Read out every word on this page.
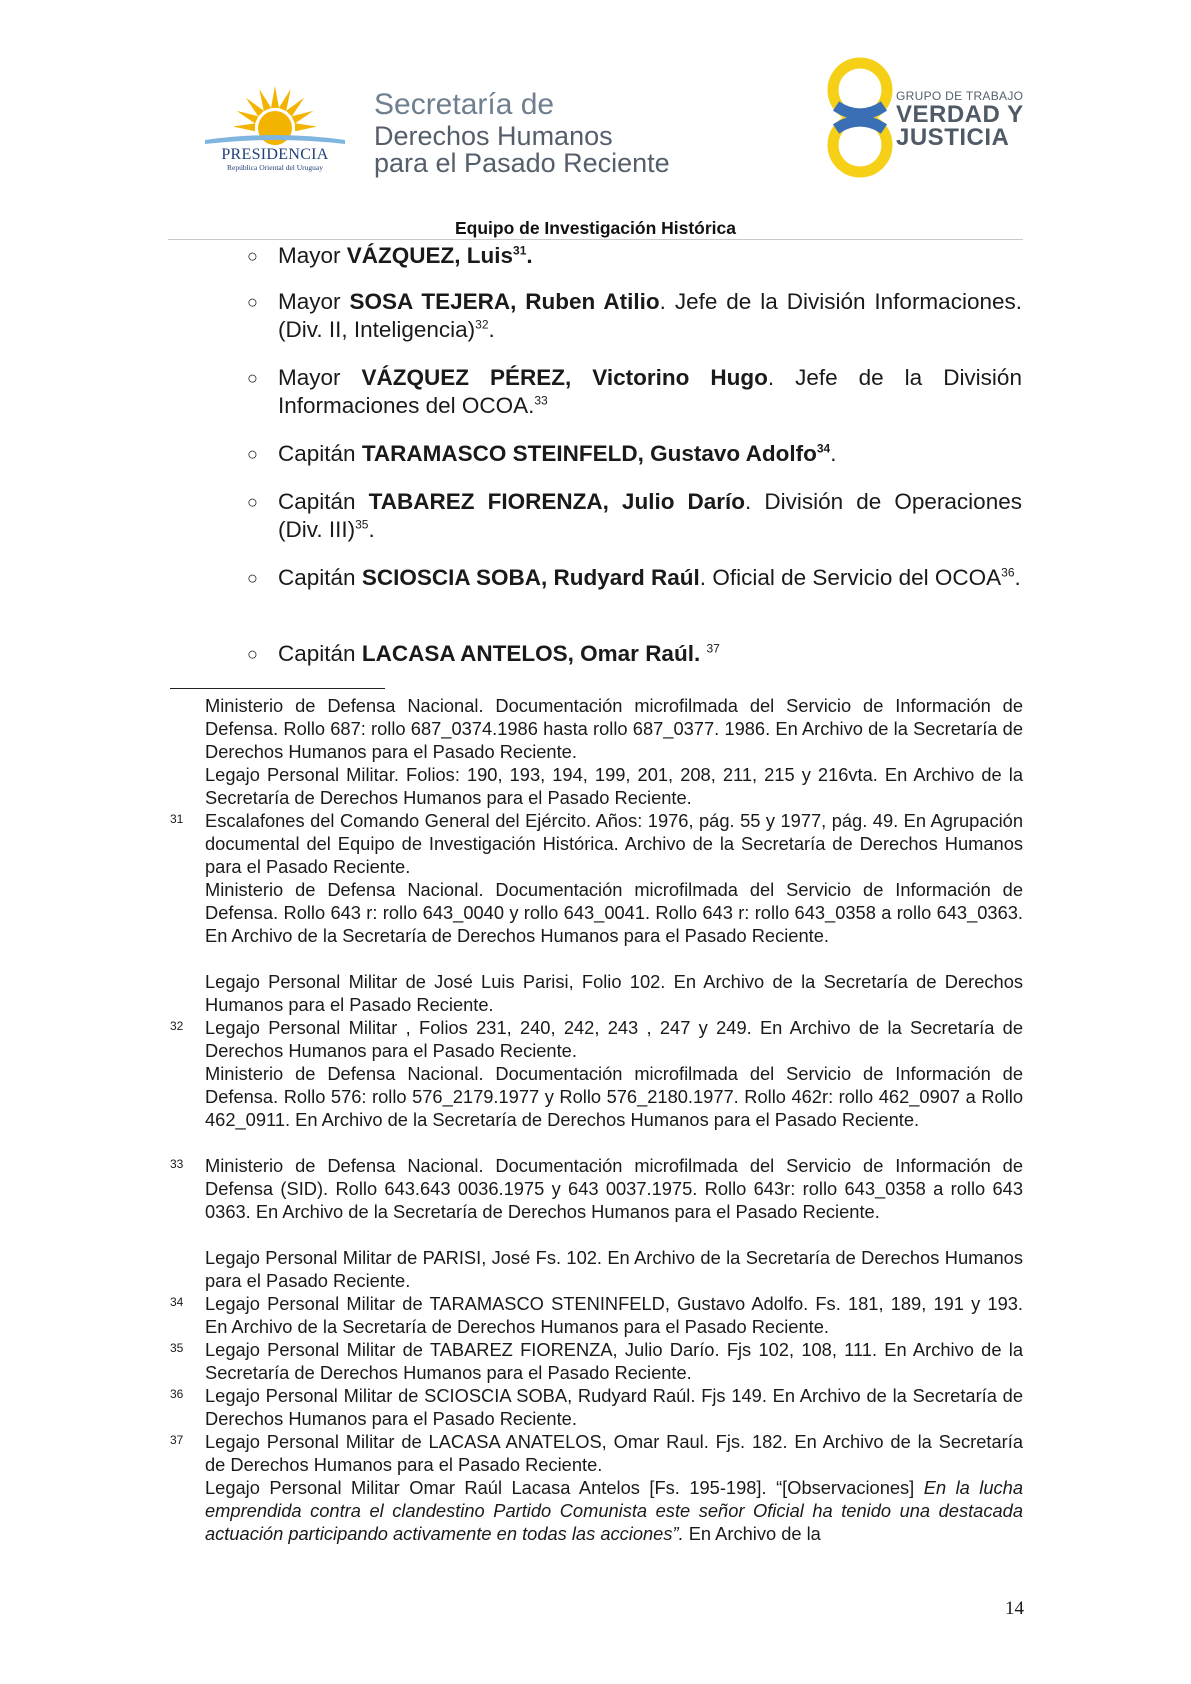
PRESIDENCIA
República Oriental del Uruguay
Secretaría de
Derechos Humanos
para el Pasado Reciente
GRUPO DE TRABAJO
VERDAD Y
JUSTICIA
Equipo de Investigación Histórica
○ Mayor VÁZQUEZ, Luis$^{31}$.
○ Mayor SOSA TEJERA, Ruben Atilio. Jefe de la División Informaciones. (Div. II, Inteligencia)$^{32}$.
○ Mayor VÁZQUEZ PÉREZ, Victorino Hugo. Jefe de la División Informaciones del OCOA.$^{33}$
○ Capitán TARAMASCO STEINFELD, Gustavo Adolfo$^{34}$.
○ Capitán TABAREZ FIORENZA, Julio Darío. División de Operaciones (Div. III)$^{35}$.
○ Capitán SCIOSCIA SOBA, Rudyard Raúl. Oficial de Servicio del OCOA$^{36}$.
○ Capitán LACASA ANTELOS, Omar Raúl. $^{37}$
Ministerio de Defensa Nacional. Documentación microfilmada del Servicio de Información de Defensa. Rollo 687: rollo 687_0374.1986 hasta rollo 687_0377. 1986. En Archivo de la Secretaría de Derechos Humanos para el Pasado Reciente.
Legajo Personal Militar. Folios: 190, 193, 194, 199, 201, 208, 211, 215 y 216vta. En Archivo de la Secretaría de Derechos Humanos para el Pasado Reciente.
31 Escalafones del Comando General del Ejército. Años: 1976, pág. 55 y 1977, pág. 49. En Agrupación documental del Equipo de Investigación Histórica. Archivo de la Secretaría de Derechos Humanos para el Pasado Reciente.
Ministerio de Defensa Nacional. Documentación microfilmada del Servicio de Información de Defensa. Rollo 643 r: rollo 643_0040 y rollo 643_0041. Rollo 643 r: rollo 643_0358 a rollo 643_0363. En Archivo de la Secretaría de Derechos Humanos para el Pasado Reciente.
Legajo Personal Militar de José Luis Parisi, Folio 102. En Archivo de la Secretaría de Derechos Humanos para el Pasado Reciente.
32 Legajo Personal Militar , Folios 231, 240, 242, 243 , 247 y 249. En Archivo de la Secretaría de Derechos Humanos para el Pasado Reciente.
Ministerio de Defensa Nacional. Documentación microfilmada del Servicio de Información de Defensa. Rollo 576: rollo 576_2179.1977 y Rollo 576_2180.1977. Rollo 462r: rollo 462_0907 a Rollo 462_0911. En Archivo de la Secretaría de Derechos Humanos para el Pasado Reciente.
33 Ministerio de Defensa Nacional. Documentación microfilmada del Servicio de Información de Defensa (SID). Rollo 643.643 0036.1975 y 643 0037.1975. Rollo 643r: rollo 643_0358 a rollo 643 0363. En Archivo de la Secretaría de Derechos Humanos para el Pasado Reciente.
Legajo Personal Militar de PARISI, José Fs. 102. En Archivo de la Secretaría de Derechos Humanos para el Pasado Reciente.
34 Legajo Personal Militar de TARAMASCO STENINFELD, Gustavo Adolfo. Fs. 181, 189, 191 y 193. En Archivo de la Secretaría de Derechos Humanos para el Pasado Reciente.
35 Legajo Personal Militar de TABAREZ FIORENZA, Julio Darío. Fjs 102, 108, 111. En Archivo de la Secretaría de Derechos Humanos para el Pasado Reciente.
36 Legajo Personal Militar de SCIOSCIA SOBA, Rudyard Raúl. Fjs 149. En Archivo de la Secretaría de Derechos Humanos para el Pasado Reciente.
37 Legajo Personal Militar de LACASA ANATELOS, Omar Raul. Fjs. 182. En Archivo de la Secretaría de Derechos Humanos para el Pasado Reciente.
Legajo Personal Militar Omar Raúl Lacasa Antelos [Fs. 195-198]. “[Observaciones] En la lucha emprendida contra el clandestino Partido Comunista este señor Oficial ha tenido una destacada actuación participando activamente en todas las acciones”. En Archivo de la
14
